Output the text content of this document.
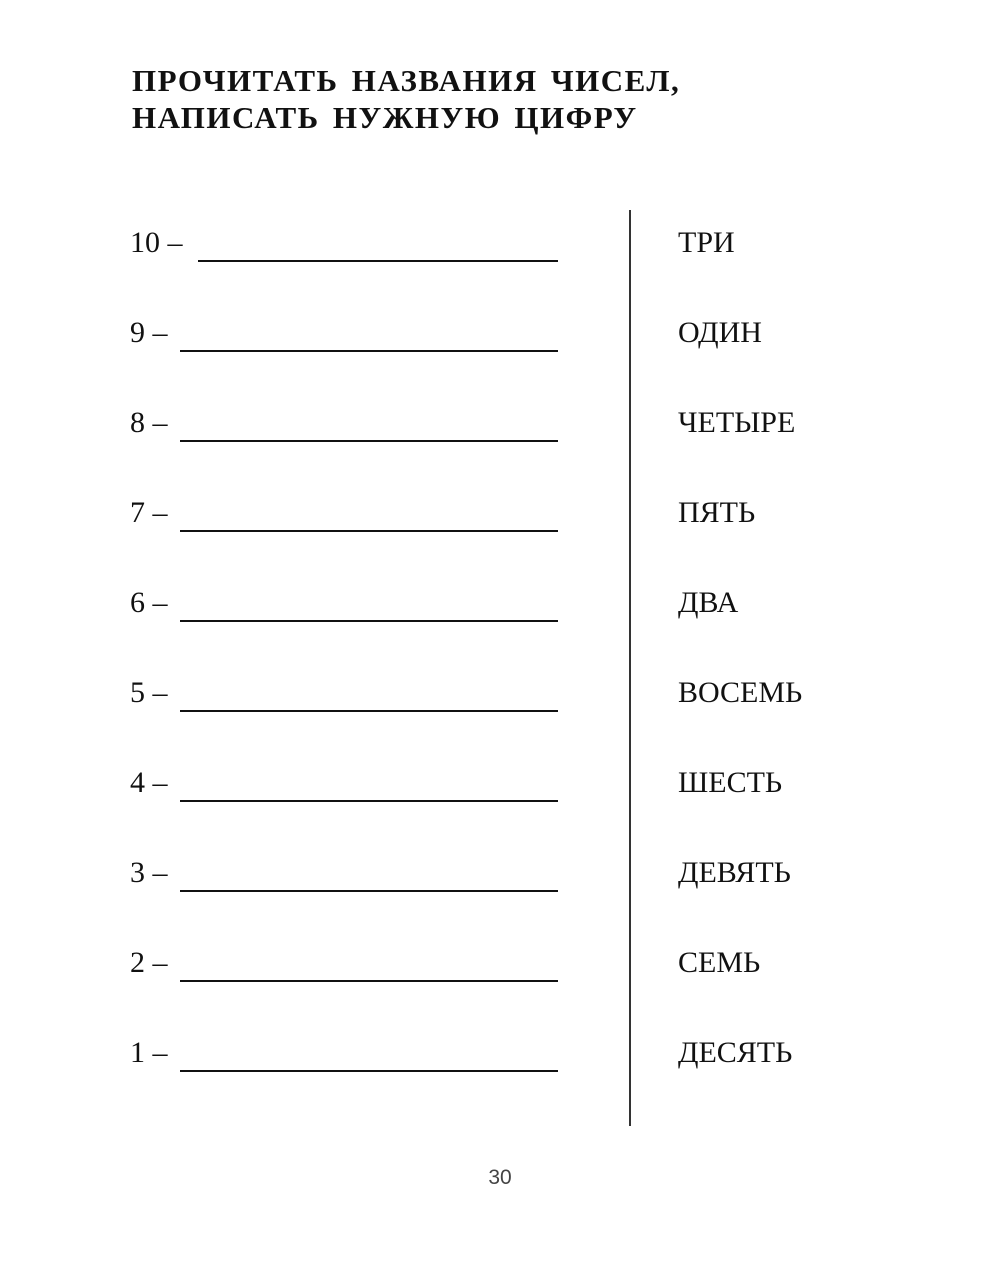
ПРОЧИТАТЬ НАЗВАНИЯ ЧИСЕЛ,
НАПИСАТЬ НУЖНУЮ ЦИФРУ
10 –
9 –
8 –
7 –
6 –
5 –
4 –
3 –
2 –
1 –
ТРИ
ОДИН
ЧЕТЫРЕ
ПЯТЬ
ДВА
ВОСЕМЬ
ШЕСТЬ
ДЕВЯТЬ
СЕМЬ
ДЕСЯТЬ
30
